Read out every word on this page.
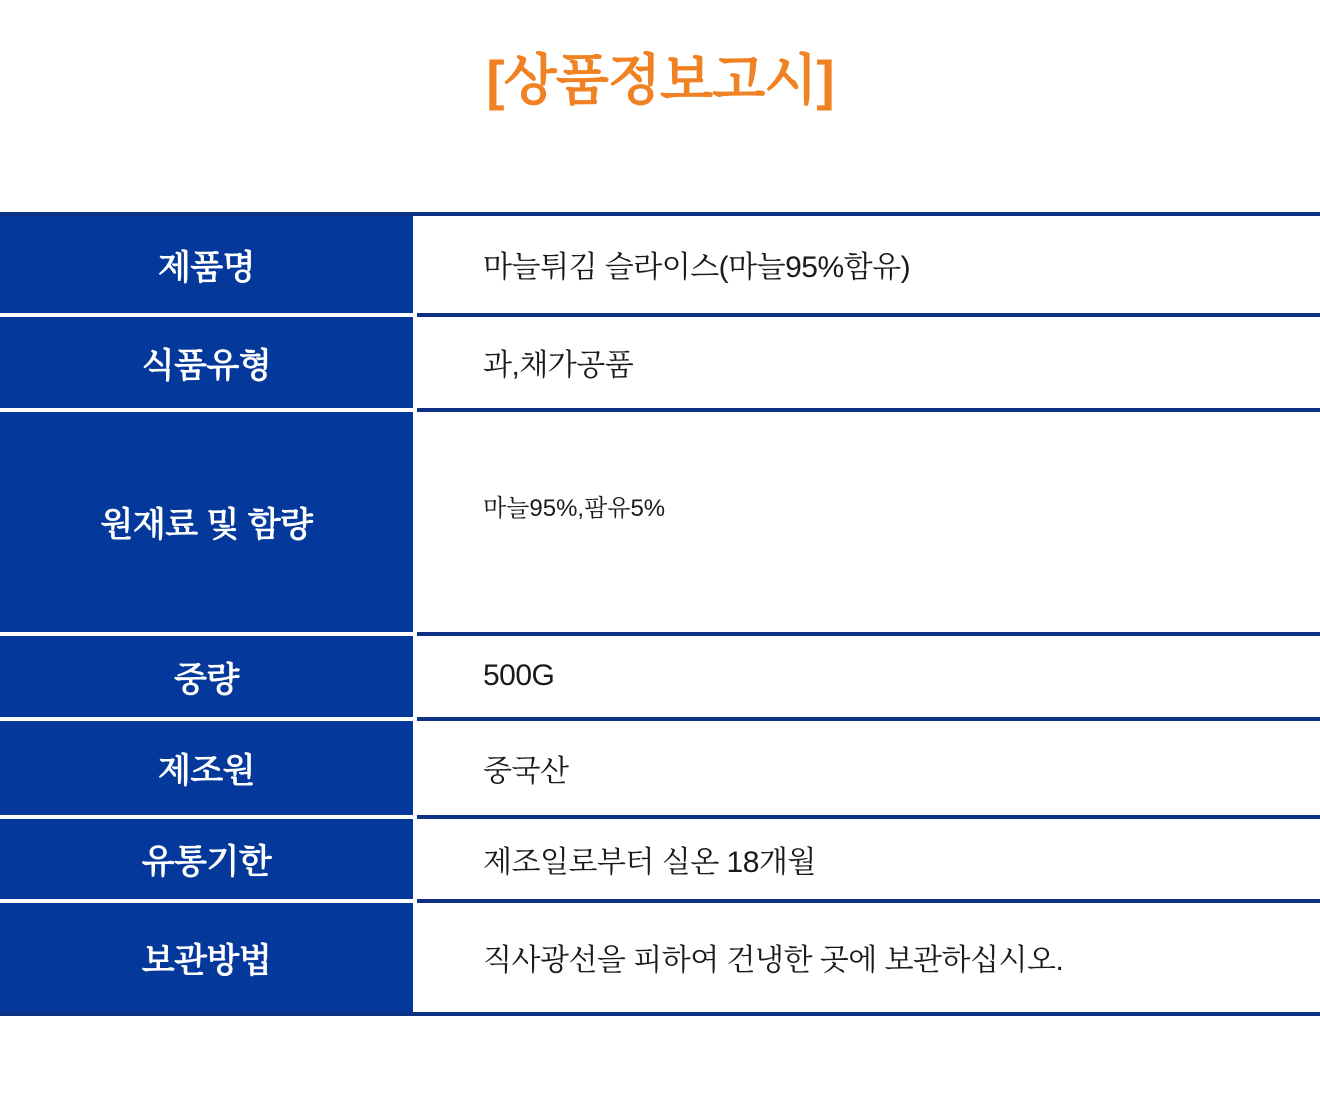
[상품정보고시]
제품명	마늘튀김 슬라이스(마늘95%함유)
식품유형	과,채가공품
원재료 및 함량	마늘95%,팜유5%
중량	500G
제조원	중국산
유통기한	제조일로부터 실온 18개월
보관방법	직사광선을 피하여 건냉한 곳에 보관하십시오.
